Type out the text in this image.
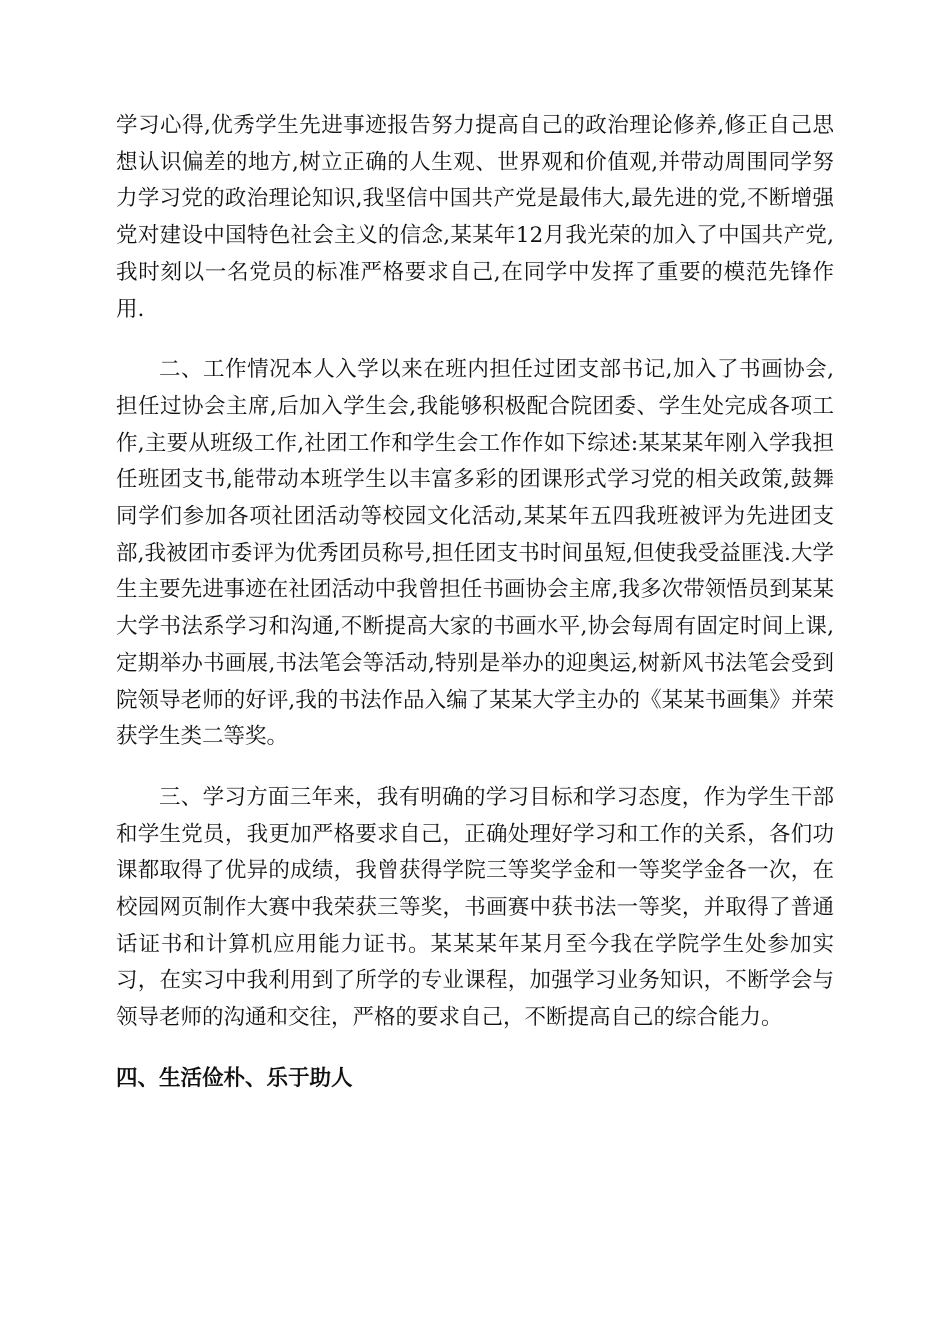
学习心得,优秀学生先进事迹报告努力提高自己的政治理论修养,修正自己思想认识偏差的地方,树立正确的人生观、世界观和价值观,并带动周围同学努力学习党的政治理论知识,我坚信中国共产党是最伟大,最先进的党,不断增强党对建设中国特色社会主义的信念,某某年12月我光荣的加入了中国共产党,我时刻以一名党员的标准严格要求自己,在同学中发挥了重要的模范先锋作用.

二、工作情况本人入学以来在班内担任过团支部书记,加入了书画协会,担任过协会主席,后加入学生会,我能够积极配合院团委、学生处完成各项工作,主要从班级工作,社团工作和学生会工作作如下综述:某某某年刚入学我担任班团支书,能带动本班学生以丰富多彩的团课形式学习党的相关政策,鼓舞同学们参加各项社团活动等校园文化活动,某某年五四我班被评为先进团支部,我被团市委评为优秀团员称号,担任团支书时间虽短,但使我受益匪浅.大学生主要先进事迹在社团活动中我曾担任书画协会主席,我多次带领悟员到某某大学书法系学习和沟通,不断提高大家的书画水平,协会每周有固定时间上课,定期举办书画展,书法笔会等活动,特别是举办的迎奥运,树新风书法笔会受到院领导老师的好评,我的书法作品入编了某某大学主办的《某某书画集》并荣获学生类二等奖。

三、学习方面三年来，我有明确的学习目标和学习态度，作为学生干部和学生党员，我更加严格要求自己，正确处理好学习和工作的关系，各们功课都取得了优异的成绩，我曾获得学院三等奖学金和一等奖学金各一次，在校园网页制作大赛中我荣获三等奖，书画赛中获书法一等奖，并取得了普通话证书和计算机应用能力证书。某某某年某月至今我在学院学生处参加实习，在实习中我利用到了所学的专业课程，加强学习业务知识，不断学会与领导老师的沟通和交往，严格的要求自己，不断提高自己的综合能力。

四、生活俭朴、乐于助人
